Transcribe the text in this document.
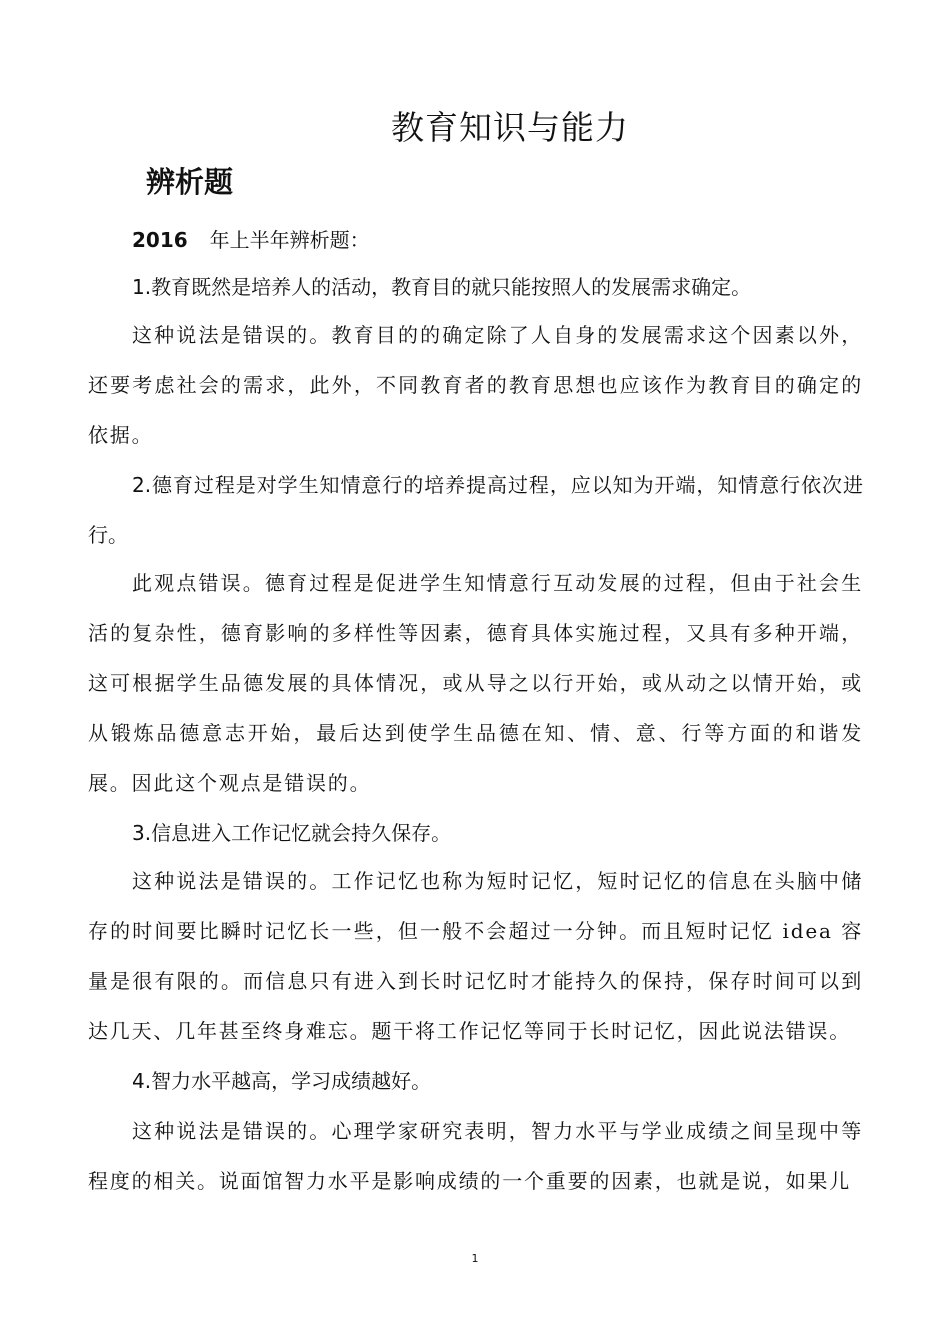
教育知识与能力
辨析题
2016 年上半年辨析题：

1.教育既然是培养人的活动，教育目的就只能按照人的发展需求确定。

这种说法是错误的。教育目的的确定除了人自身的发展需求这个因素以外，还要考虑社会的需求，此外，不同教育者的教育思想也应该作为教育目的确定的依据。

2.德育过程是对学生知情意行的培养提高过程，应以知为开端，知情意行依次进行。

此观点错误。德育过程是促进学生知情意行互动发展的过程，但由于社会生活的复杂性，德育影响的多样性等因素，德育具体实施过程，又具有多种开端，这可根据学生品德发展的具体情况，或从导之以行开始，或从动之以情开始，或从锻炼品德意志开始，最后达到使学生品德在知、情、意、行等方面的和谐发展。因此这个观点是错误的。

3.信息进入工作记忆就会持久保存。

这种说法是错误的。工作记忆也称为短时记忆，短时记忆的信息在头脑中储存的时间要比瞬时记忆长一些，但一般不会超过一分钟。而且短时记忆 idea 容量是很有限的。而信息只有进入到长时记忆时才能持久的保持，保存时间可以到达几天、几年甚至终身难忘。题干将工作记忆等同于长时记忆，因此说法错误。

4.智力水平越高，学习成绩越好。

这种说法是错误的。心理学家研究表明，智力水平与学业成绩之间呈现中等程度的相关。说面馆智力水平是影响成绩的一个重要的因素，也就是说，如果儿

1
